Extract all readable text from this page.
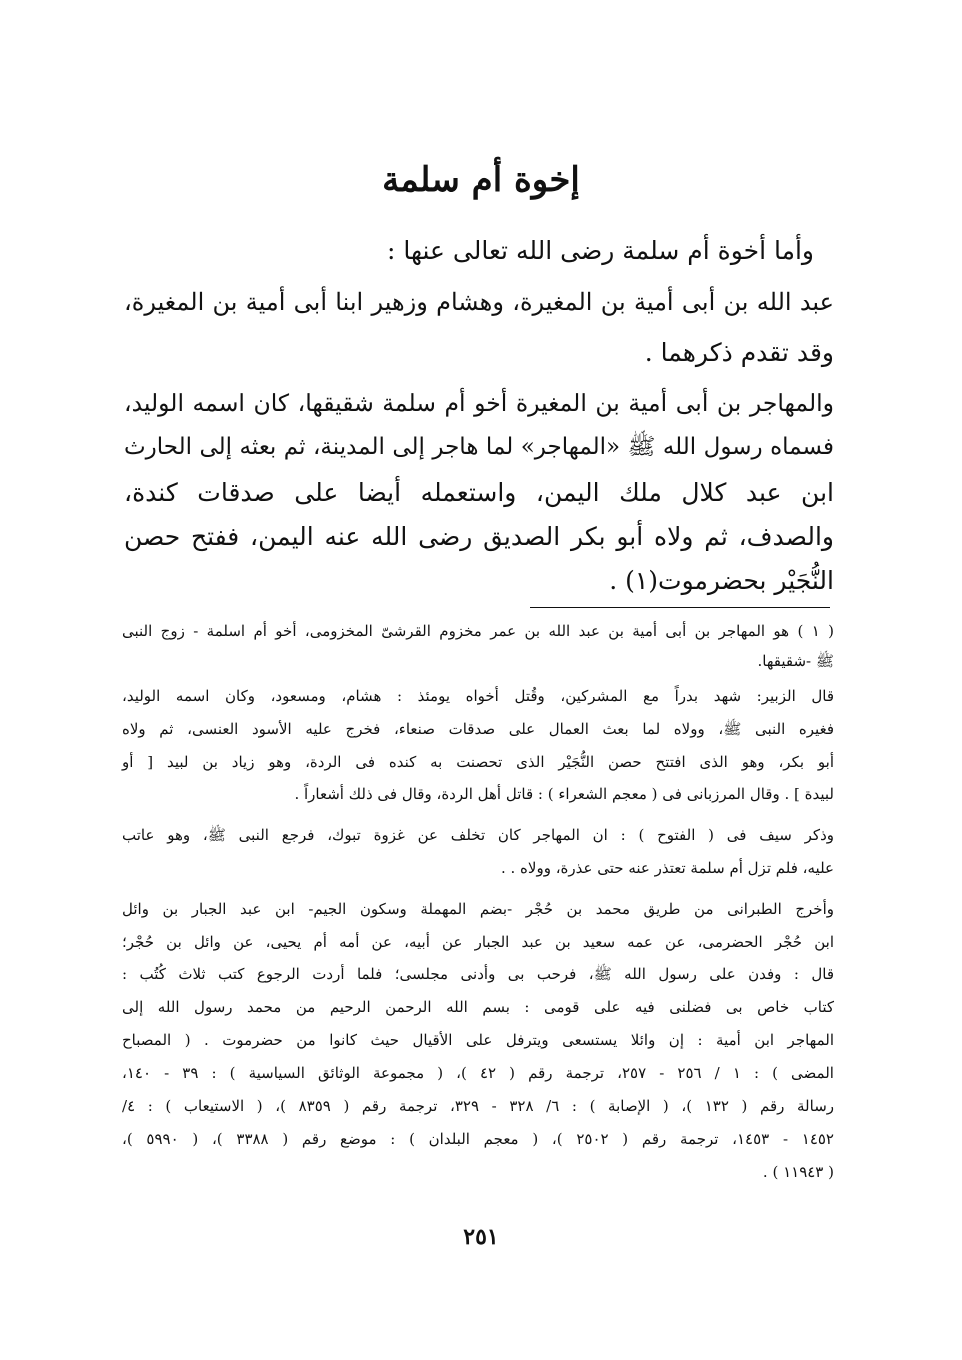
إخوة أم سلمة
وأما أخوة أم سلمة رضى الله تعالى عنها :
عبد الله بن أبى أمية بن المغيرة، وهشام وزهير ابنا أبى أمية بن المغيرة،
وقد تقدم ذكرهما .
والمهاجر بن أبى أمية بن المغيرة أخو أم سلمة شقيقها، كان اسمه الوليد،
فسماه رسول الله ﷺ «المهاجر» لما هاجر إلى المدينة، ثم بعثه إلى الحارث
ابن عبد كلال ملك اليمن، واستعمله أيضا على صدقات كندة،
والصدف، ثم ولاه أبو بكر الصديق رضى الله عنه اليمن، ففتح حصن
النُّجَيْر بحضرموت(١) .
( ١ ) هو المهاجر بن أبى أمية بن عبد الله بن عمر مخزوم القرشىّ المخزومى، أخو أم اسلمة - زوج النبى
ﷺ -شقيقها.
قال الزبير: شهد بدراً مع المشركين، وقُتل أخواه يومئذ : هشام، ومسعود، وكان اسمه الوليد،
فغيره النبى ﷺ، وولاه لما بعث العمال على صدقات صنعاء، فخرج عليه الأسود العنسى، ثم ولاه
أبو بكر، وهو الذى افتتح حصن النُّجَيْر الذى تحصنت به كنده فى الردة، وهو زياد بن لبيد [ أو
لبيدة ] . وقال المرزبانى فى ( معجم الشعراء ) : قاتل أهل الردة، وقال فى ذلك أشعاراً .
وذكر سيف فى ( الفتوح ) : ان المهاجر كان تخلف عن غزوة تبوك، فرجع النبى ﷺ، وهو عاتب
عليه، فلم تزل أم سلمة تعتذر عنه حتى عذرة، وولاه . .
وأخرج الطبرانى من طريق محمد بن حُجْر -بضم المهملة وسكون الجيم- ابن عبد الجبار بن وائل
ابن حُجْر الحضرمى، عن عمه سعيد بن عبد الجبار عن أبيه، عن أمه أم يحيى، عن وائل بن حُجْر؛
قال : وفدن على رسول الله ﷺ، فرحب بى وأدنى مجلسى؛ فلما أردت الرجوع كتب ثلاث كُتُب :
كتاب خاص بى فضلنى فيه على قومى : بسم الله الرحمن الرحيم من محمد رسول الله إلى
المهاجر ابن أمية : إن وائلا يستسعى ويترفل على الأقيال حيث كانوا من حضرموت . ( المصباح
المضى ) : ١ / ٢٥٦ - ٢٥٧، ترجمة رقم ( ٤٢ )، ( مجموعة الوثائق السياسية ) : ٣٩ - ١٤٠،
رسالة رقم ( ١٣٢ )، ( الإصابة ) : ٦/ ٣٢٨ - ٣٢٩، ترجمة رقم ( ٨٣٥٩ )، ( الاستيعاب ) : ٤/
١٤٥٢ - ١٤٥٣، ترجمة رقم ( ٢٥٠٢ )، ( معجم البلدان ) : موضع رقم ( ٣٣٨٨ )، ( ٥٩٩٠ )،
( ١١٩٤٣ ) .
٢٥١
